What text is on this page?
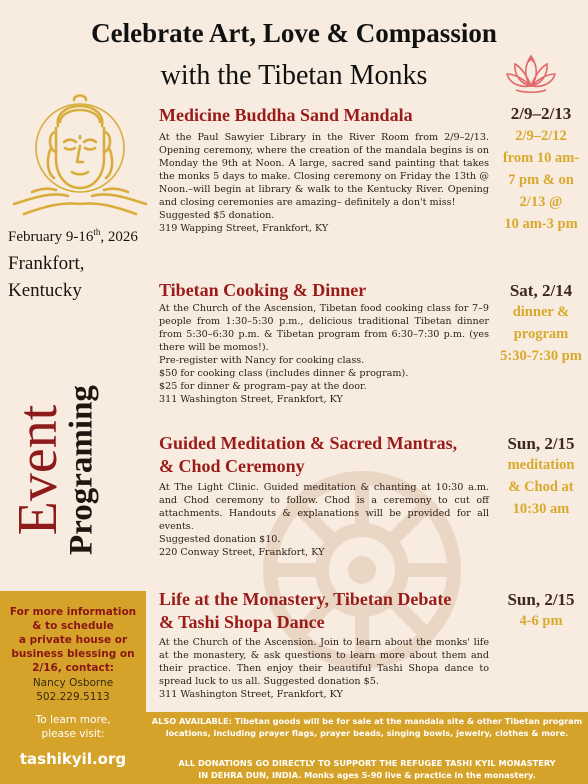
Celebrate Art, Love & Compassion
with the Tibetan Monks
February 9-16th, 2026
Frankfort,
Kentucky
Event
Programing
Medicine Buddha Sand Mandala
At the Paul Sawyier Library in the River Room from 2/9–2/13. Opening ceremony, where the creation of the mandala begins is on Monday the 9th at Noon. A large, sacred sand painting that takes the monks 5 days to make. Closing ceremony on Friday the 13th @ Noon.–will begin at library & walk to the Kentucky River. Opening and closing ceremonies are amazing– definitely a don't miss!
Suggested $5 donation.
319 Wapping Street, Frankfort, KY
2/9–2/13
2/9–2/12
from 10 am-
7 pm & on
2/13 @
10 am-3 pm
Tibetan Cooking & Dinner
At the Church of the Ascension, Tibetan food cooking class for 7–9 people from 1:30–5:30 p.m., delicious traditional Tibetan dinner from 5:30–6:30 p.m. & Tibetan program from 6:30–7:30 p.m. (yes there will be momos!).
Pre-register with Nancy for cooking class.
$50 for cooking class (includes dinner & program).
$25 for dinner & program–pay at the door.
311 Washington Street, Frankfort, KY
Sat, 2/14
dinner &
program
5:30-7:30 pm
Guided Meditation & Sacred Mantras,
& Chod Ceremony
At The Light Clinic. Guided meditation & chanting at 10:30 a.m. and Chod ceremony to follow. Chod is a ceremony to cut off attachments. Handouts & explanations will be provided for all events.
Suggested donation $10.
220 Conway Street, Frankfort, KY
Sun, 2/15
meditation
& Chod at
10:30 am
Life at the Monastery, Tibetan Debate
& Tashi Shopa Dance
At the Church of the Ascension. Join to learn about the monks' life at the monastery, & ask questions to learn more about them and their practice. Then enjoy their beautiful Tashi Shopa dance to spread luck to us all. Suggested donation $5.
311 Washington Street, Frankfort, KY
Sun, 2/15
4-6 pm
For more information
& to schedule
a private house or
business blessing on
2/16, contact:
Nancy Osborne
502.229.5113
To learn more,
please visit:
tashikyil.org
ALSO AVAILABLE: Tibetan goods will be for sale at the mandala site & other Tibetan program
locations, including prayer flags, prayer beads, singing bowls, jewelry, clothes & more.
ALL DONATIONS GO DIRECTLY TO SUPPORT THE REFUGEE TASHI KYIL MONASTERY
IN DEHRA DUN, INDIA. Monks ages 5-90 live & practice in the monastery.
